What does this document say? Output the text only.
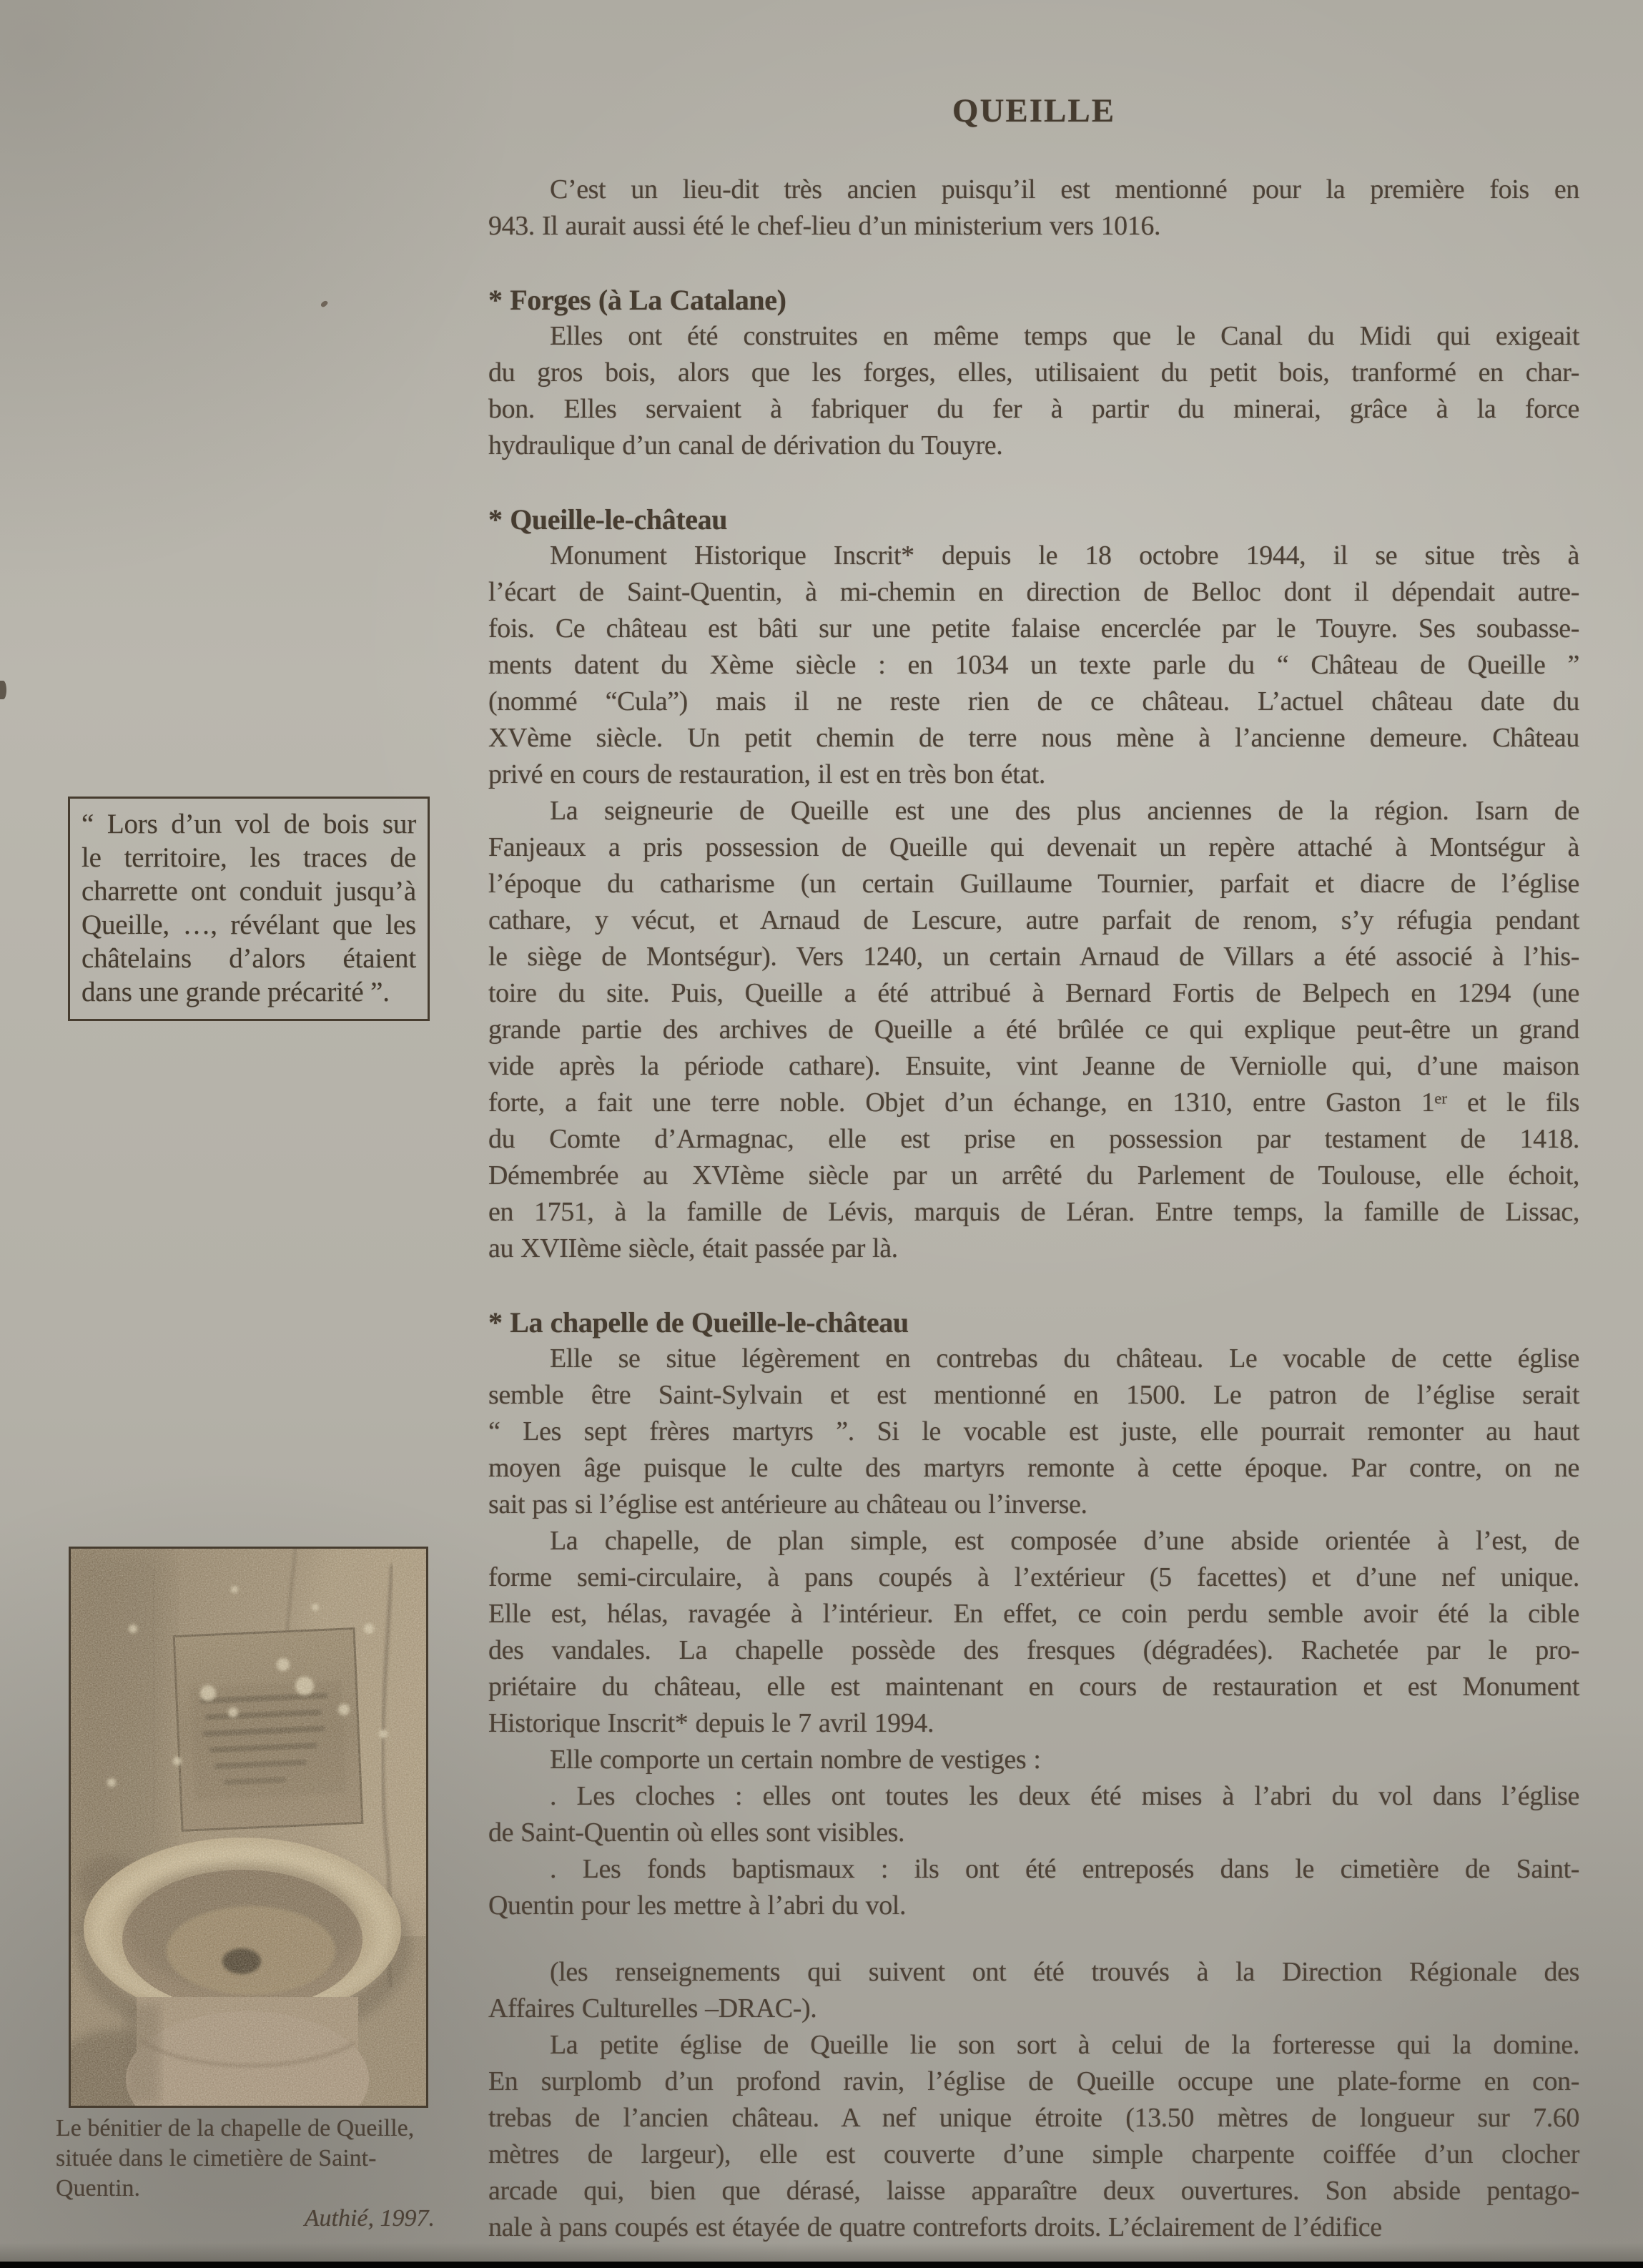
QUEILLE
C’est un lieu-dit très ancien puisqu’il est mentionné pour la première fois en
943. Il aurait aussi été le chef-lieu d’un ministerium vers 1016.
* Forges (à La Catalane)
Elles ont été construites en même temps que le Canal du Midi qui exigeait
du gros bois, alors que les forges, elles, utilisaient du petit bois, tranformé en char-
bon. Elles servaient à fabriquer du fer à partir du minerai, grâce à la force
hydraulique d’un canal de dérivation du Touyre.
* Queille-le-château
Monument Historique Inscrit* depuis le 18 octobre 1944, il se situe très à
l’écart de Saint-Quentin, à mi-chemin en direction de Belloc dont il dépendait autre-
fois. Ce château est bâti sur une petite falaise encerclée par le Touyre. Ses soubasse-
ments datent du Xème siècle : en 1034 un texte parle du “ Château de Queille ”
(nommé “Cula”) mais il ne reste rien de ce château. L’actuel château date du
XVème siècle. Un petit chemin de terre nous mène à l’ancienne demeure. Château
privé en cours de restauration, il est en très bon état.
La seigneurie de Queille est une des plus anciennes de la région. Isarn de
Fanjeaux a pris possession de Queille qui devenait un repère attaché à Montségur à
l’époque du catharisme (un certain Guillaume Tournier, parfait et diacre de l’église
cathare, y vécut, et Arnaud de Lescure, autre parfait de renom, s’y réfugia pendant
le siège de Montségur). Vers 1240, un certain Arnaud de Villars a été associé à l’his-
toire du site. Puis, Queille a été attribué à Bernard Fortis de Belpech en 1294 (une
grande partie des archives de Queille a été brûlée ce qui explique peut-être un grand
vide après la période cathare). Ensuite, vint Jeanne de Verniolle qui, d’une maison
forte, a fait une terre noble. Objet d’un échange, en 1310, entre Gaston 1ᵉʳ et le fils
du Comte d’Armagnac, elle est prise en possession par testament de 1418.
Démembrée au XVIème siècle par un arrêté du Parlement de Toulouse, elle échoit,
en 1751, à la famille de Lévis, marquis de Léran. Entre temps, la famille de Lissac,
au XVIIème siècle, était passée par là.
* La chapelle de Queille-le-château
Elle se situe légèrement en contrebas du château. Le vocable de cette église
semble être Saint-Sylvain et est mentionné en 1500. Le patron de l’église serait
“ Les sept frères martyrs ”. Si le vocable est juste, elle pourrait remonter au haut
moyen âge puisque le culte des martyrs remonte à cette époque. Par contre, on ne
sait pas si l’église est antérieure au château ou l’inverse.
La chapelle, de plan simple, est composée d’une abside orientée à l’est, de
forme semi-circulaire, à pans coupés à l’extérieur (5 facettes) et d’une nef unique.
Elle est, hélas, ravagée à l’intérieur. En effet, ce coin perdu semble avoir été la cible
des vandales. La chapelle possède des fresques (dégradées). Rachetée par le pro-
priétaire du château, elle est maintenant en cours de restauration et est Monument
Historique Inscrit* depuis le 7 avril 1994.
Elle comporte un certain nombre de vestiges :
. Les cloches : elles ont toutes les deux été mises à l’abri du vol dans l’église
de Saint-Quentin où elles sont visibles.
. Les fonds baptismaux : ils ont été entreposés dans le cimetière de Saint-
Quentin pour les mettre à l’abri du vol.
(les renseignements qui suivent ont été trouvés à la Direction Régionale des
Affaires Culturelles –DRAC-).
La petite église de Queille lie son sort à celui de la forteresse qui la domine.
En surplomb d’un profond ravin, l’église de Queille occupe une plate-forme en con-
trebas de l’ancien château. A nef unique étroite (13.50 mètres de longueur sur 7.60
mètres de largeur), elle est couverte d’une simple charpente coiffée d’un clocher
arcade qui, bien que dérasé, laisse apparaître deux ouvertures. Son abside pentago-
nale à pans coupés est étayée de quatre contreforts droits. L’éclairement de l’édifice
“ Lors d’un vol de bois sur
le territoire, les traces de
charrette ont conduit jusqu’à
Queille, …, révélant que les
châtelains d’alors étaient
dans une grande précarité ”.
Le bénitier de la chapelle de Queille,
située dans le cimetière de Saint-Quentin.
Authié, 1997.
